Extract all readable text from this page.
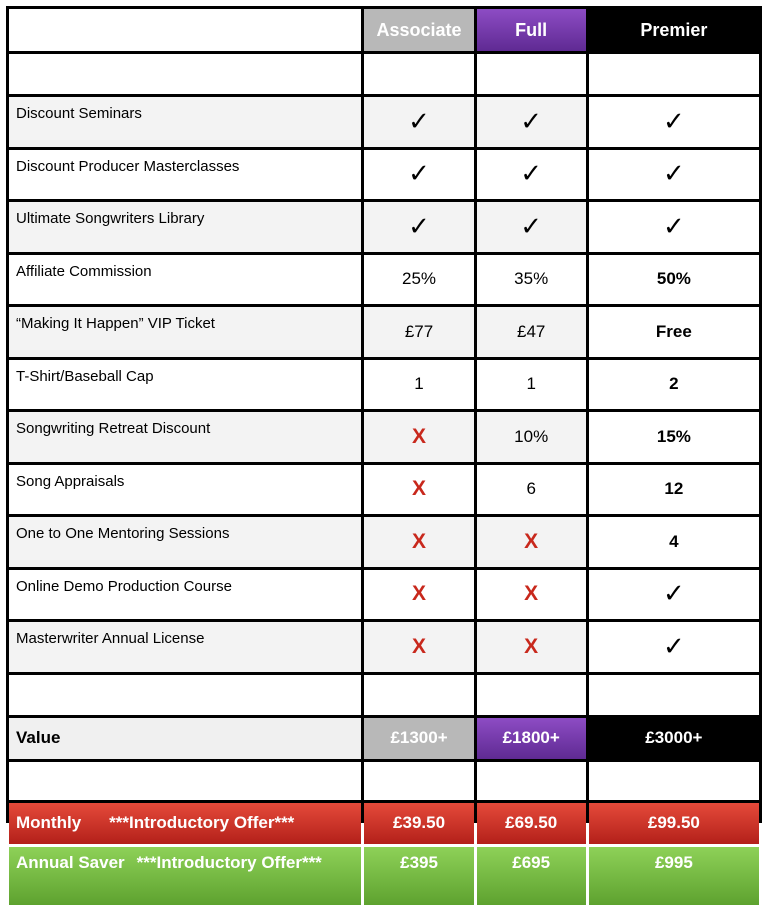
	Associate	Full	Premier

Discount Seminars	✓	✓	✓
Discount Producer Masterclasses	✓	✓	✓
Ultimate Songwriters Library	✓	✓	✓
Affiliate Commission	25%	35%	50%
“Making It Happen” VIP Ticket	£77	£47	Free
T-Shirt/Baseball Cap	1	1	2
Songwriting Retreat Discount	X	10%	15%
Song Appraisals	X	6	12
One to One Mentoring Sessions	X	X	4
Online Demo Production Course	X	X	✓
Masterwriter Annual License	X	X	✓

Value	£1300+	£1800+	£3000+

Monthly ***Introductory Offer***	£39.50	£69.50	£99.50
Annual Saver ***Introductory Offer***	£395	£695	£995
